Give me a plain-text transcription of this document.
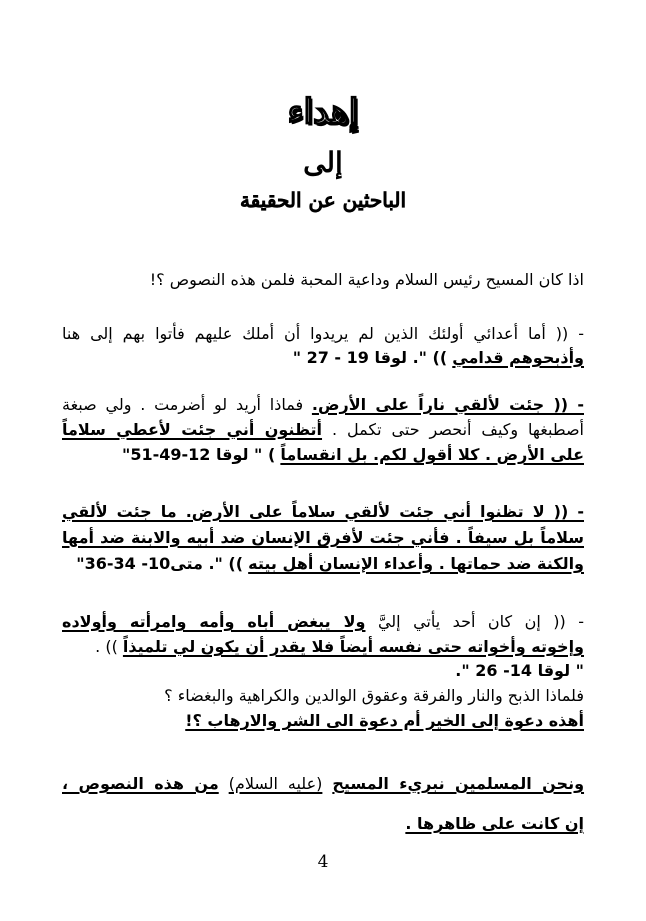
إهداء
إلى
الباحثين عن الحقيقة
اذا كان المسيح رئيس السلام وداعية المحبة فلمن هذه النصوص ؟!
- (( أما أعدائي أولئك الذين لم يريدوا أن أملك عليهم فأتوا بهم إلى هنا
وأذبحوهم قدامي )) ". لوقا 19 - 27 "
- (( جئت لألقي ناراً على الأرض. فماذا أريد لو أضرمت . ولي صبغة
أصطبغها وكيف أنحصر حتى تكمل . أتظنون أني جئت لأعطي سلاماً
على الأرض . كلا أقول لكم. بل انقساماً ) " لوقا 12-49-51"
- (( لا تظنوا أني جئت لألقي سلاماً على الأرض. ما جئت لألقي
سلاماً بل سيفاً . فأني جئت لأفرق الإنسان ضد أبيه والابنة ضد أمها
والكنة ضد حماتها . وأعداء الإنسان أهل بيته )) ". متى10- 34-36"
- (( إن كان أحد يأتي إليَّ ولا يبغض أباه وأمه وامرأته وأولاده
وإخوته وأخواته حتى نفسه أيضاً فلا يقدر أن يكون لي تلميذاً )) .
" لوقا 14- 26 ".
فلماذا الذبح والنار والفرقة وعقوق الوالدين والكراهية والبغضاء ؟
أهذه دعوة إلى الخير أم دعوة الى الشر والارهاب ؟!
ونحن المسلمين نبريء المسيح (عليه السلام) من هذه النصوص ،
إن كانت على ظاهرها .
4
